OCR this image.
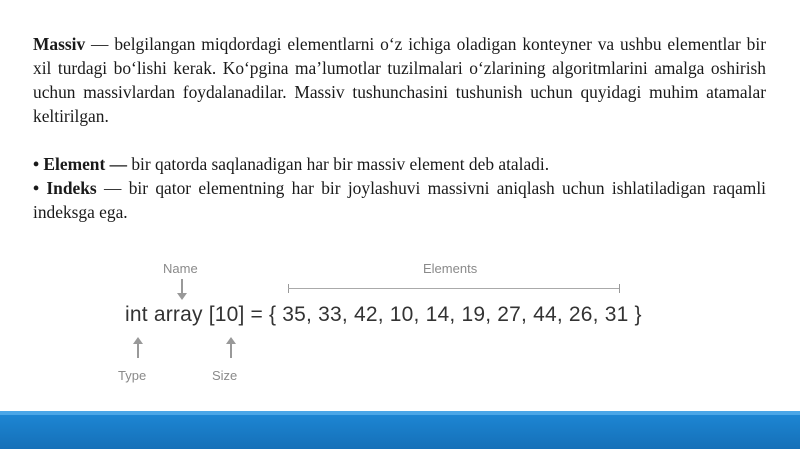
Massiv — belgilangan miqdordagi elementlarni o‘z ichiga oladigan konteyner va ushbu elementlar bir xil turdagi bo‘lishi kerak. Ko‘pgina ma’lumotlar tuzilmalari o‘zlarining algoritmlarini amalga oshirish uchun massivlardan foydalanadilar. Massiv tushunchasini tushunish uchun quyidagi muhim atamalar keltirilgan.

• Element — bir qatorda saqlanadigan har bir massiv element deb ataladi.

• Indeks — bir qator elementning har bir joylashuvi massivni aniqlash uchun ishlatiladigan raqamli indeksga ega.

Name	Elements
int array [10] = { 35, 33, 42, 10, 14, 19, 27, 44, 26, 31 }
Type	Size
